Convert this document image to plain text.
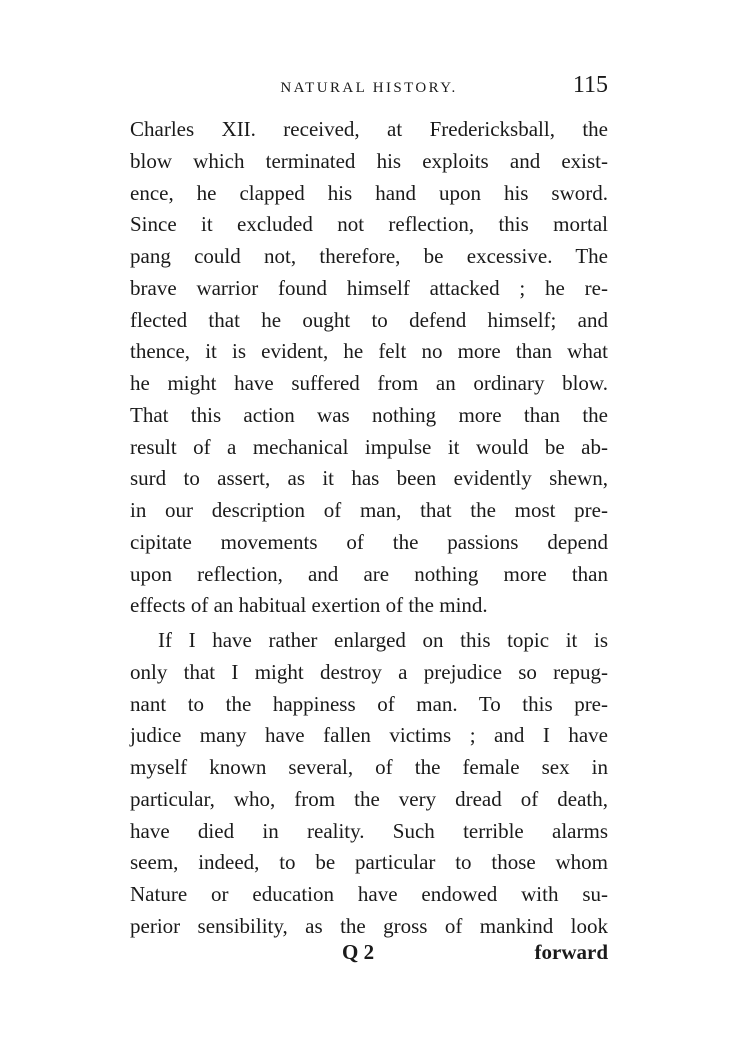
NATURAL HISTORY.	115
Charles XII. received, at Fredericksball, the
blow which terminated his exploits and exist-
ence, he clapped his hand upon his sword.
Since it excluded not reflection, this mortal
pang could not, therefore, be excessive. The
brave warrior found himself attacked ; he re-
flected that he ought to defend himself; and
thence, it is evident, he felt no more than what
he might have suffered from an ordinary blow.
That this action was nothing more than the
result of a mechanical impulse it would be ab-
surd to assert, as it has been evidently shewn,
in our description of man, that the most pre-
cipitate movements of the passions depend
upon reflection, and are nothing more than
effects of an habitual exertion of the mind.
If I have rather enlarged on this topic it is
only that I might destroy a prejudice so repug-
nant to the happiness of man. To this pre-
judice many have fallen victims ; and I have
myself known several, of the female sex in
particular, who, from the very dread of death,
have died in reality. Such terrible alarms
seem, indeed, to be particular to those whom
Nature or education have endowed with su-
perior sensibility, as the gross of mankind look
Q 2	forward
